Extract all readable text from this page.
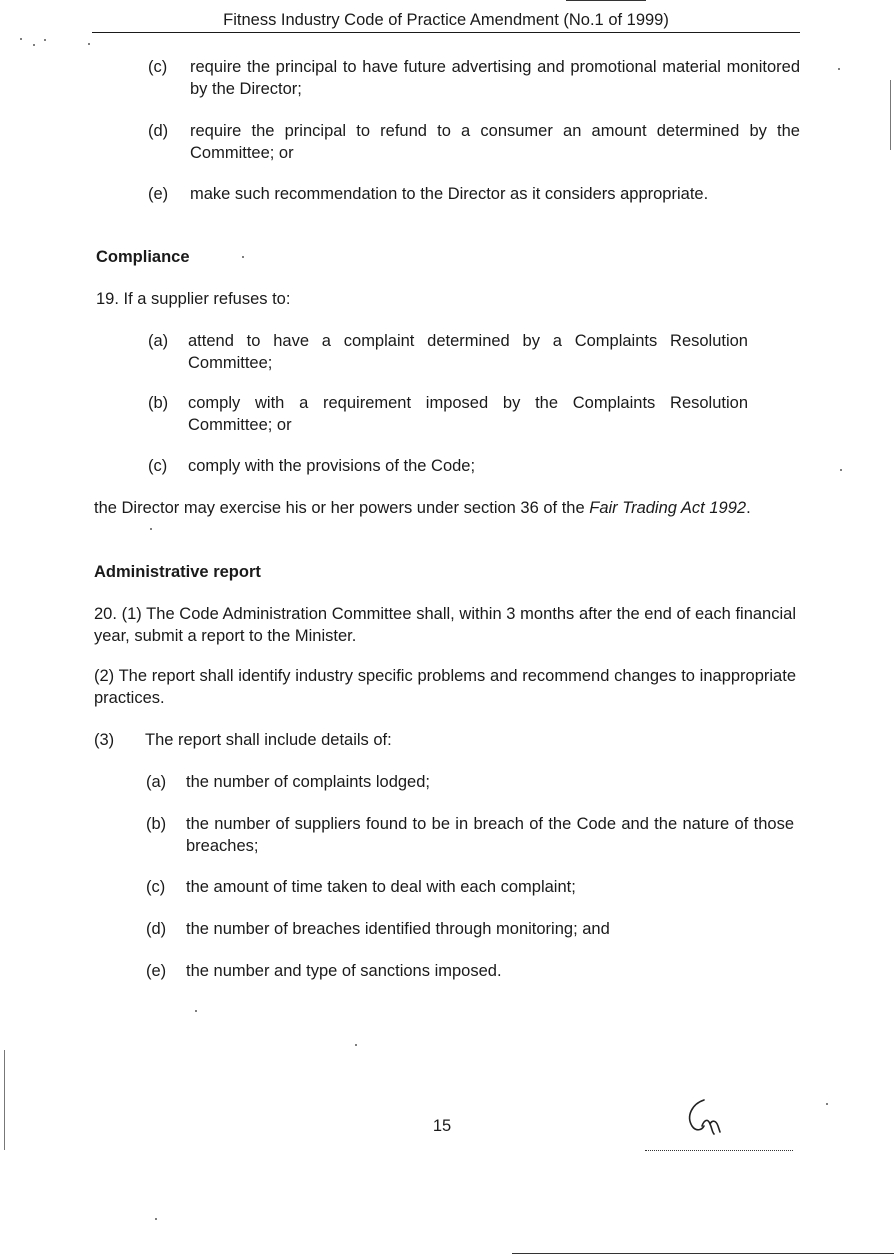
Fitness Industry Code of Practice Amendment (No.1 of 1999)
(c)	require the principal to have future advertising and promotional material monitored by the Director;
(d)	require the principal to refund to a consumer an amount determined by the Committee; or
(e)	make such recommendation to the Director as it considers appropriate.
Compliance
19. If a supplier refuses to:
(a)	attend to have a complaint determined by a Complaints Resolution Committee;
(b)	comply with a requirement imposed by the Complaints Resolution Committee; or
(c)	comply with the provisions of the Code;
the Director may exercise his or her powers under section 36 of the Fair Trading Act 1992.
Administrative report
20. (1) The Code Administration Committee shall, within 3 months after the end of each financial year, submit a report to the Minister.
(2) The report shall identify industry specific problems and recommend changes to inappropriate practices.
(3)	The report shall include details of:
(a)	the number of complaints lodged;
(b)	the number of suppliers found to be in breach of the Code and the nature of those breaches;
(c)	the amount of time taken to deal with each complaint;
(d)	the number of breaches identified through monitoring; and
(e)	the number and type of sanctions imposed.
15
